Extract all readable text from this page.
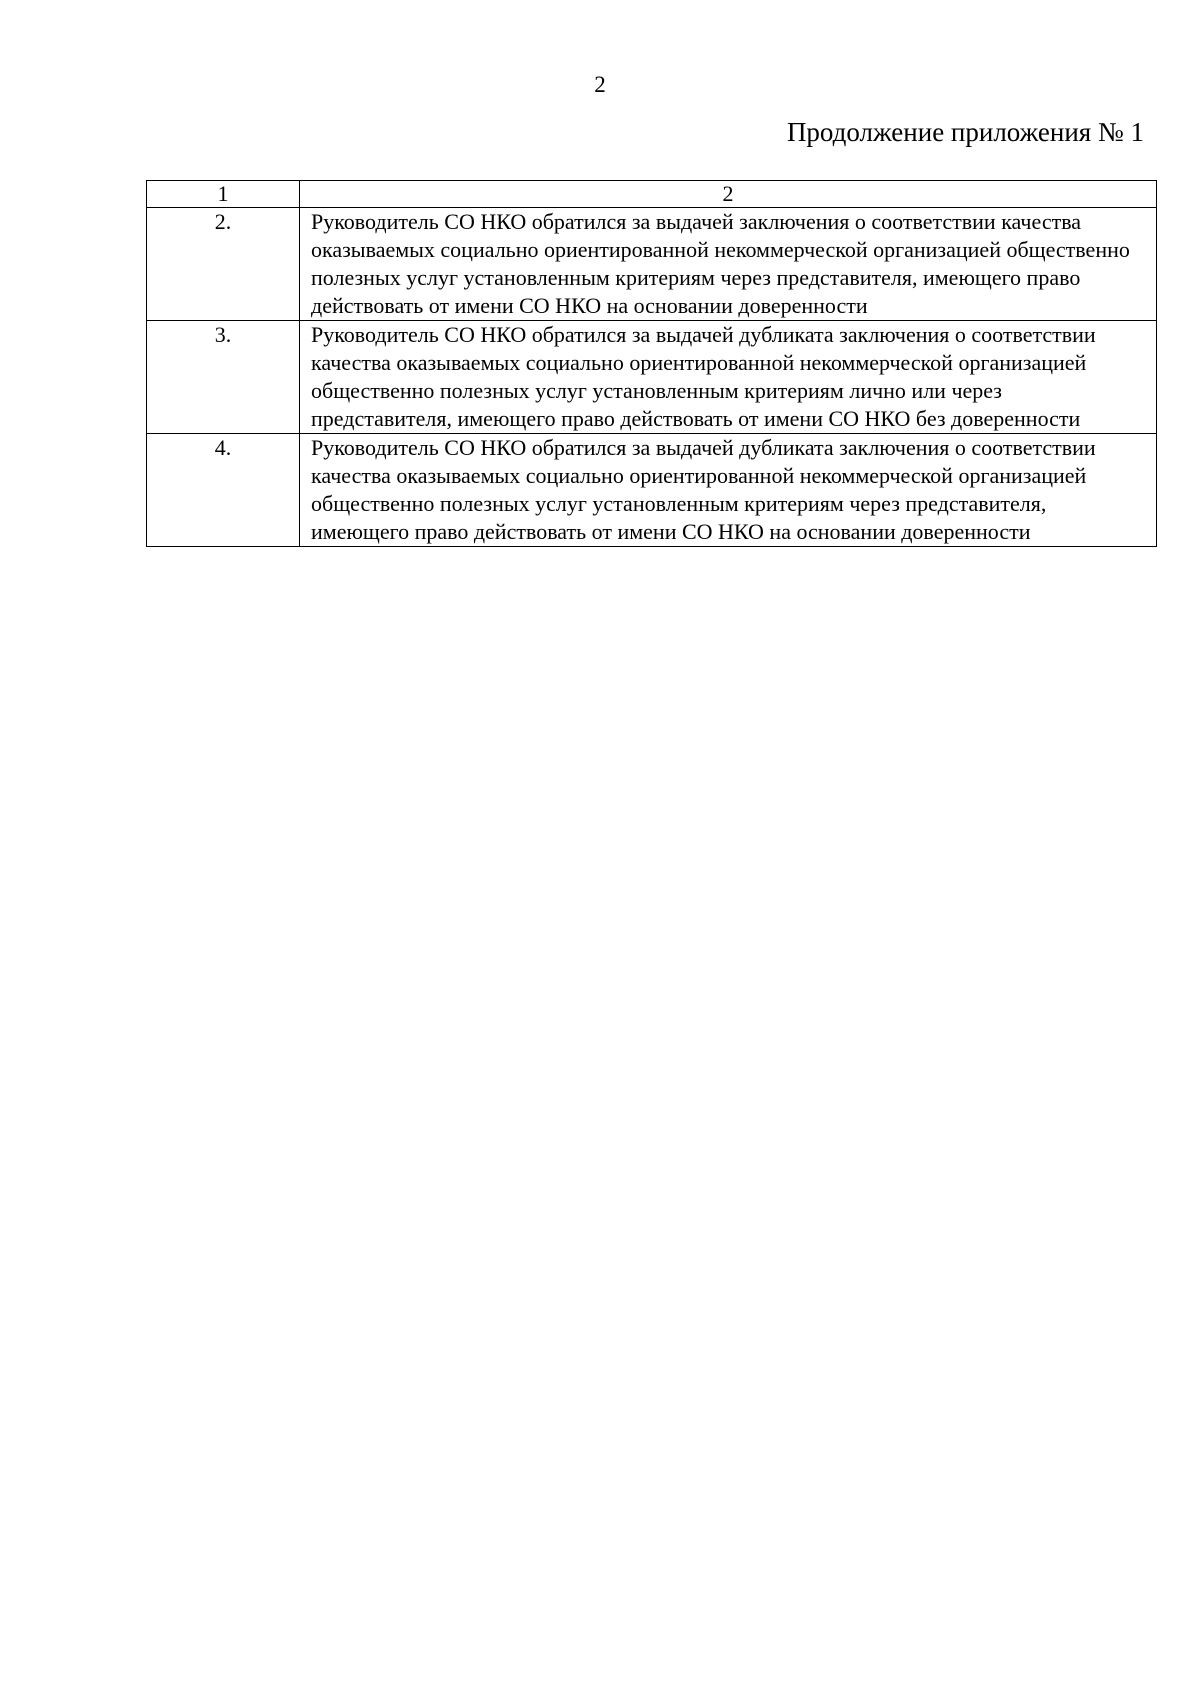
2
Продолжение приложения № 1
1	2
2.	Руководитель СО НКО обратился за выдачей заключения о соответствии качества оказываемых социально ориентированной некоммерческой организацией общественно полезных услуг установленным критериям через представителя, имеющего право действовать от имени СО НКО на основании доверенности
3.	Руководитель СО НКО обратился за выдачей дубликата заключения о соответствии качества оказываемых социально ориентированной некоммерческой организацией общественно полезных услуг установленным критериям лично или через представителя, имеющего право действовать от имени СО НКО без доверенности
4.	Руководитель СО НКО обратился за выдачей дубликата заключения о соответствии качества оказываемых социально ориентированной некоммерческой организацией общественно полезных услуг установленным критериям через представителя, имеющего право действовать от имени СО НКО на основании доверенности
